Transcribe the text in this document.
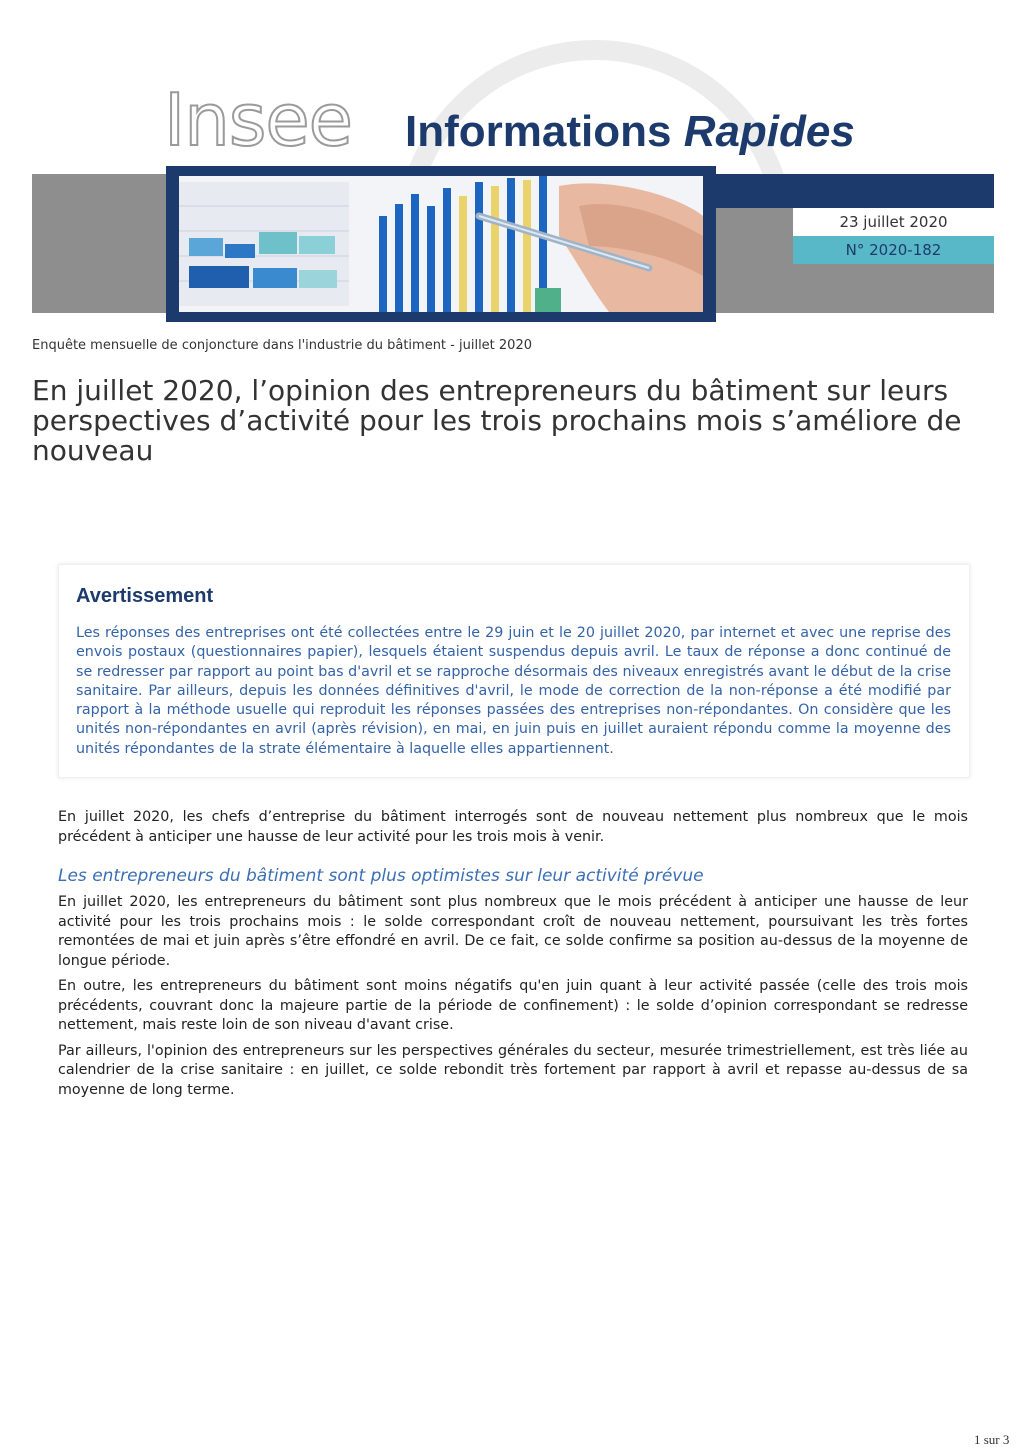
Insee Informations Rapides
23 juillet 2020
N° 2020-182
Enquête mensuelle de conjoncture dans l'industrie du bâtiment - juillet 2020
En juillet 2020, l’opinion des entrepreneurs du bâtiment sur leurs perspectives d’activité pour les trois prochains mois s’améliore de nouveau
Avertissement

Les réponses des entreprises ont été collectées entre le 29 juin et le 20 juillet 2020, par internet et avec une reprise des envois postaux (questionnaires papier), lesquels étaient suspendus depuis avril. Le taux de réponse a donc continué de se redresser par rapport au point bas d'avril et se rapproche désormais des niveaux enregistrés avant le début de la crise sanitaire. Par ailleurs, depuis les données définitives d'avril, le mode de correction de la non-réponse a été modifié par rapport à la méthode usuelle qui reproduit les réponses passées des entreprises non-répondantes. On considère que les unités non-répondantes en avril (après révision), en mai, en juin puis en juillet auraient répondu comme la moyenne des unités répondantes de la strate élémentaire à laquelle elles appartiennent.

En juillet 2020, les chefs d’entreprise du bâtiment interrogés sont de nouveau nettement plus nombreux que le mois précédent à anticiper une hausse de leur activité pour les trois mois à venir.

Les entrepreneurs du bâtiment sont plus optimistes sur leur activité prévue

En juillet 2020, les entrepreneurs du bâtiment sont plus nombreux que le mois précédent à anticiper une hausse de leur activité pour les trois prochains mois : le solde correspondant croît de nouveau nettement, poursuivant les très fortes remontées de mai et juin après s’être effondré en avril. De ce fait, ce solde confirme sa position au-dessus de la moyenne de longue période.

En outre, les entrepreneurs du bâtiment sont moins négatifs qu'en juin quant à leur activité passée (celle des trois mois précédents, couvrant donc la majeure partie de la période de confinement) : le solde d’opinion correspondant se redresse nettement, mais reste loin de son niveau d'avant crise.

Par ailleurs, l'opinion des entrepreneurs sur les perspectives générales du secteur, mesurée trimestriellement, est très liée au calendrier de la crise sanitaire : en juillet, ce solde rebondit très fortement par rapport à avril et repasse au-dessus de sa moyenne de long terme.

1 sur 3
